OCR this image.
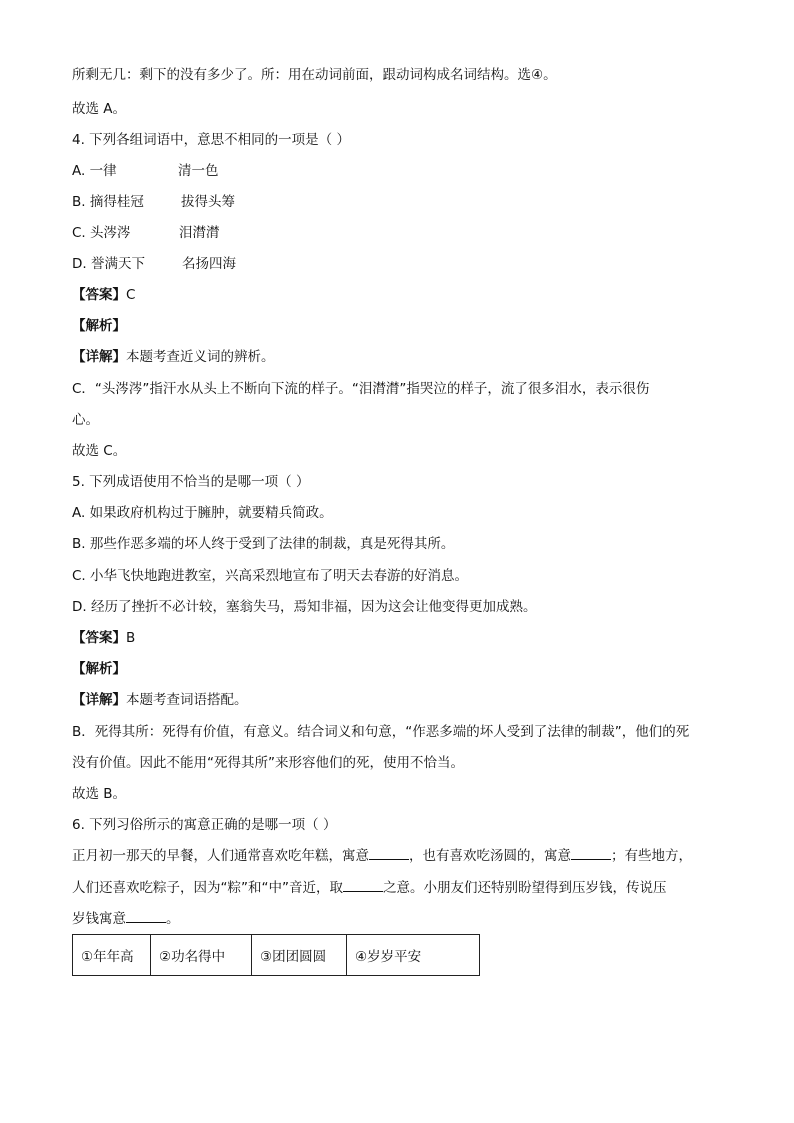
所剩无几：剩下的没有多少了。所：用在动词前面，跟动词构成名词结构。选④。
故选 A。
4. 下列各组词语中，意思不相同的一项是（ ）
A. 一律	清一色
B. 摘得桂冠	拔得头筹
C. 头涔涔	泪潸潸
D. 誉满天下	名扬四海
【答案】C
【解析】
【详解】本题考查近义词的辨析。
C．“头涔涔”指汗水从头上不断向下流的样子。“泪潸潸”指哭泣的样子，流了很多泪水，表示很伤
心。
故选 C。
5. 下列成语使用不恰当的是哪一项（ ）
A. 如果政府机构过于臃肿，就要精兵简政。
B. 那些作恶多端的坏人终于受到了法律的制裁，真是死得其所。
C. 小华飞快地跑进教室，兴高采烈地宣布了明天去春游的好消息。
D. 经历了挫折不必计较，塞翁失马，焉知非福，因为这会让他变得更加成熟。
【答案】B
【解析】
【详解】本题考查词语搭配。
B．死得其所：死得有价值，有意义。结合词义和句意，“作恶多端的坏人受到了法律的制裁”，他们的死
没有价值。因此不能用“死得其所”来形容他们的死，使用不恰当。
故选 B。
6. 下列习俗所示的寓意正确的是哪一项（ ）
正月初一那天的早餐，人们通常喜欢吃年糕，寓意	，也有喜欢吃汤圆的，寓意	；有些地方，
人们还喜欢吃粽子，因为“粽”和“中”音近，取	之意。小朋友们还特别盼望得到压岁钱，传说压
岁钱寓意	。
①年年高	②功名得中	③团团圆圆	④岁岁平安
